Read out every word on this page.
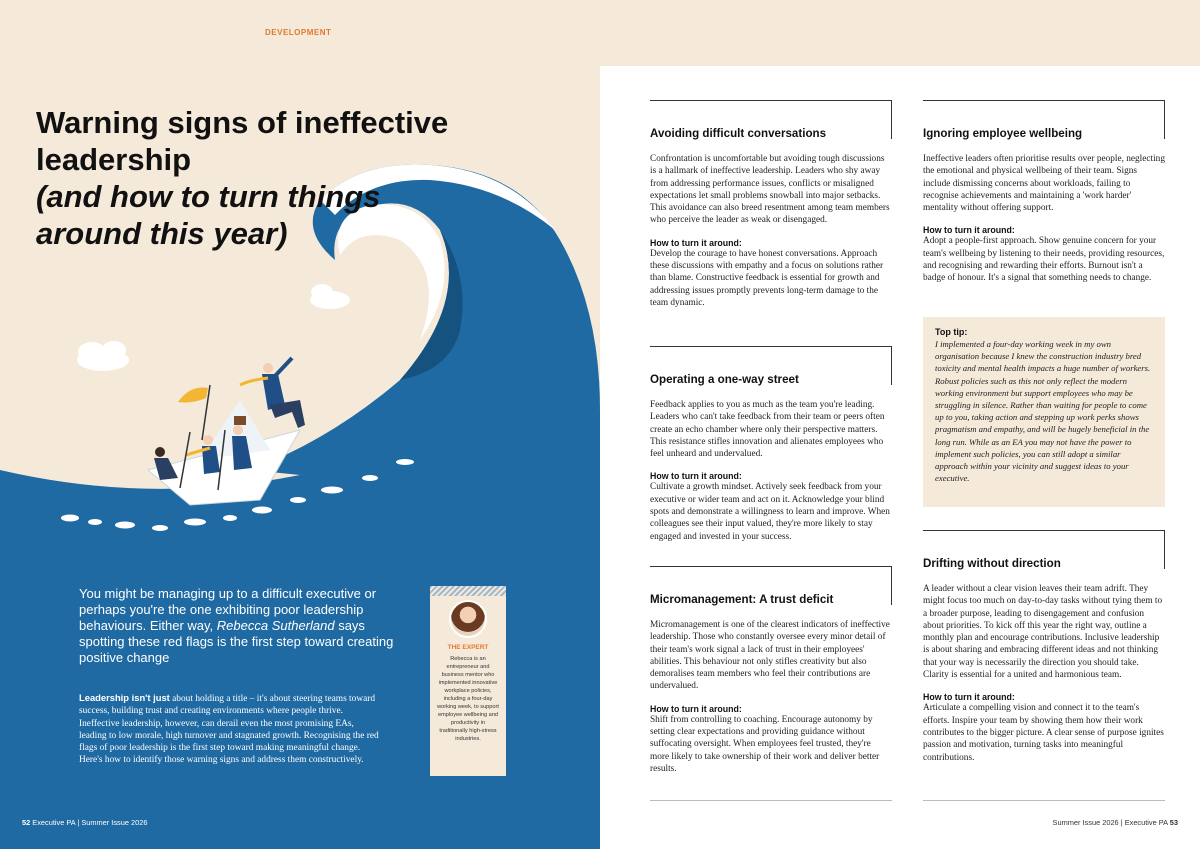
DEVELOPMENT
Warning signs of ineffective leadership
(and how to turn things around this year)
You might be managing up to a difficult executive or perhaps you're the one exhibiting poor leadership behaviours. Either way, Rebecca Sutherland says spotting these red flags is the first step toward creating positive change
Leadership isn't just about holding a title – it's about steering teams toward success, building trust and creating environments where people thrive. Ineffective leadership, however, can derail even the most promising EAs, leading to low morale, high turnover and stagnated growth. Recognising the red flags of poor leadership is the first step toward making meaningful change. Here's how to identify those warning signs and address them constructively.
THE EXPERT
Rebecca is an entrepreneur and business mentor who implemented innovative workplace policies, including a four-day working week, to support employee wellbeing and productivity in traditionally high-stress industries.
52 Executive PA | Summer Issue 2026
Avoiding difficult conversations

Confrontation is uncomfortable but avoiding tough discussions is a hallmark of ineffective leadership. Leaders who shy away from addressing performance issues, conflicts or misaligned expectations let small problems snowball into major setbacks. This avoidance can also breed resentment among team members who perceive the leader as weak or disengaged.

How to turn it around:

Develop the courage to have honest conversations. Approach these discussions with empathy and a focus on solutions rather than blame. Constructive feedback is essential for growth and addressing issues promptly prevents long-term damage to the team dynamic.

Operating a one-way street

Feedback applies to you as much as the team you're leading. Leaders who can't take feedback from their team or peers often create an echo chamber where only their perspective matters. This resistance stifles innovation and alienates employees who feel unheard and undervalued.

How to turn it around:

Cultivate a growth mindset. Actively seek feedback from your executive or wider team and act on it. Acknowledge your blind spots and demonstrate a willingness to learn and improve. When colleagues see their input valued, they're more likely to stay engaged and invested in your success.

Micromanagement: A trust deficit

Micromanagement is one of the clearest indicators of ineffective leadership. Those who constantly oversee every minor detail of their team's work signal a lack of trust in their employees' abilities. This behaviour not only stifles creativity but also demoralises team members who feel their contributions are undervalued.

How to turn it around:

Shift from controlling to coaching. Encourage autonomy by setting clear expectations and providing guidance without suffocating oversight. When employees feel trusted, they're more likely to take ownership of their work and deliver better results.

Ignoring employee wellbeing

Ineffective leaders often prioritise results over people, neglecting the emotional and physical wellbeing of their team. Signs include dismissing concerns about workloads, failing to recognise achievements and maintaining a 'work harder' mentality without offering support.

How to turn it around:

Adopt a people-first approach. Show genuine concern for your team's wellbeing by listening to their needs, providing resources, and recognising and rewarding their efforts. Burnout isn't a badge of honour. It's a signal that something needs to change.

Top tip:

I implemented a four-day working week in my own organisation because I knew the construction industry bred toxicity and mental health impacts a huge number of workers. Robust policies such as this not only reflect the modern working environment but support employees who may be struggling in silence. Rather than waiting for people to come up to you, taking action and stepping up work perks shows pragmatism and empathy, and will be hugely beneficial in the long run. While as an EA you may not have the power to implement such policies, you can still adopt a similar approach within your vicinity and suggest ideas to your executive.

Drifting without direction

A leader without a clear vision leaves their team adrift. They might focus too much on day-to-day tasks without tying them to a broader purpose, leading to disengagement and confusion about priorities. To kick off this year the right way, outline a monthly plan and encourage contributions. Inclusive leadership is about sharing and embracing different ideas and not thinking that your way is necessarily the direction you should take. Clarity is essential for a united and harmonious team.

How to turn it around:

Articulate a compelling vision and connect it to the team's efforts. Inspire your team by showing them how their work contributes to the bigger picture. A clear sense of purpose ignites passion and motivation, turning tasks into meaningful contributions.

Summer Issue 2026 | Executive PA 53
